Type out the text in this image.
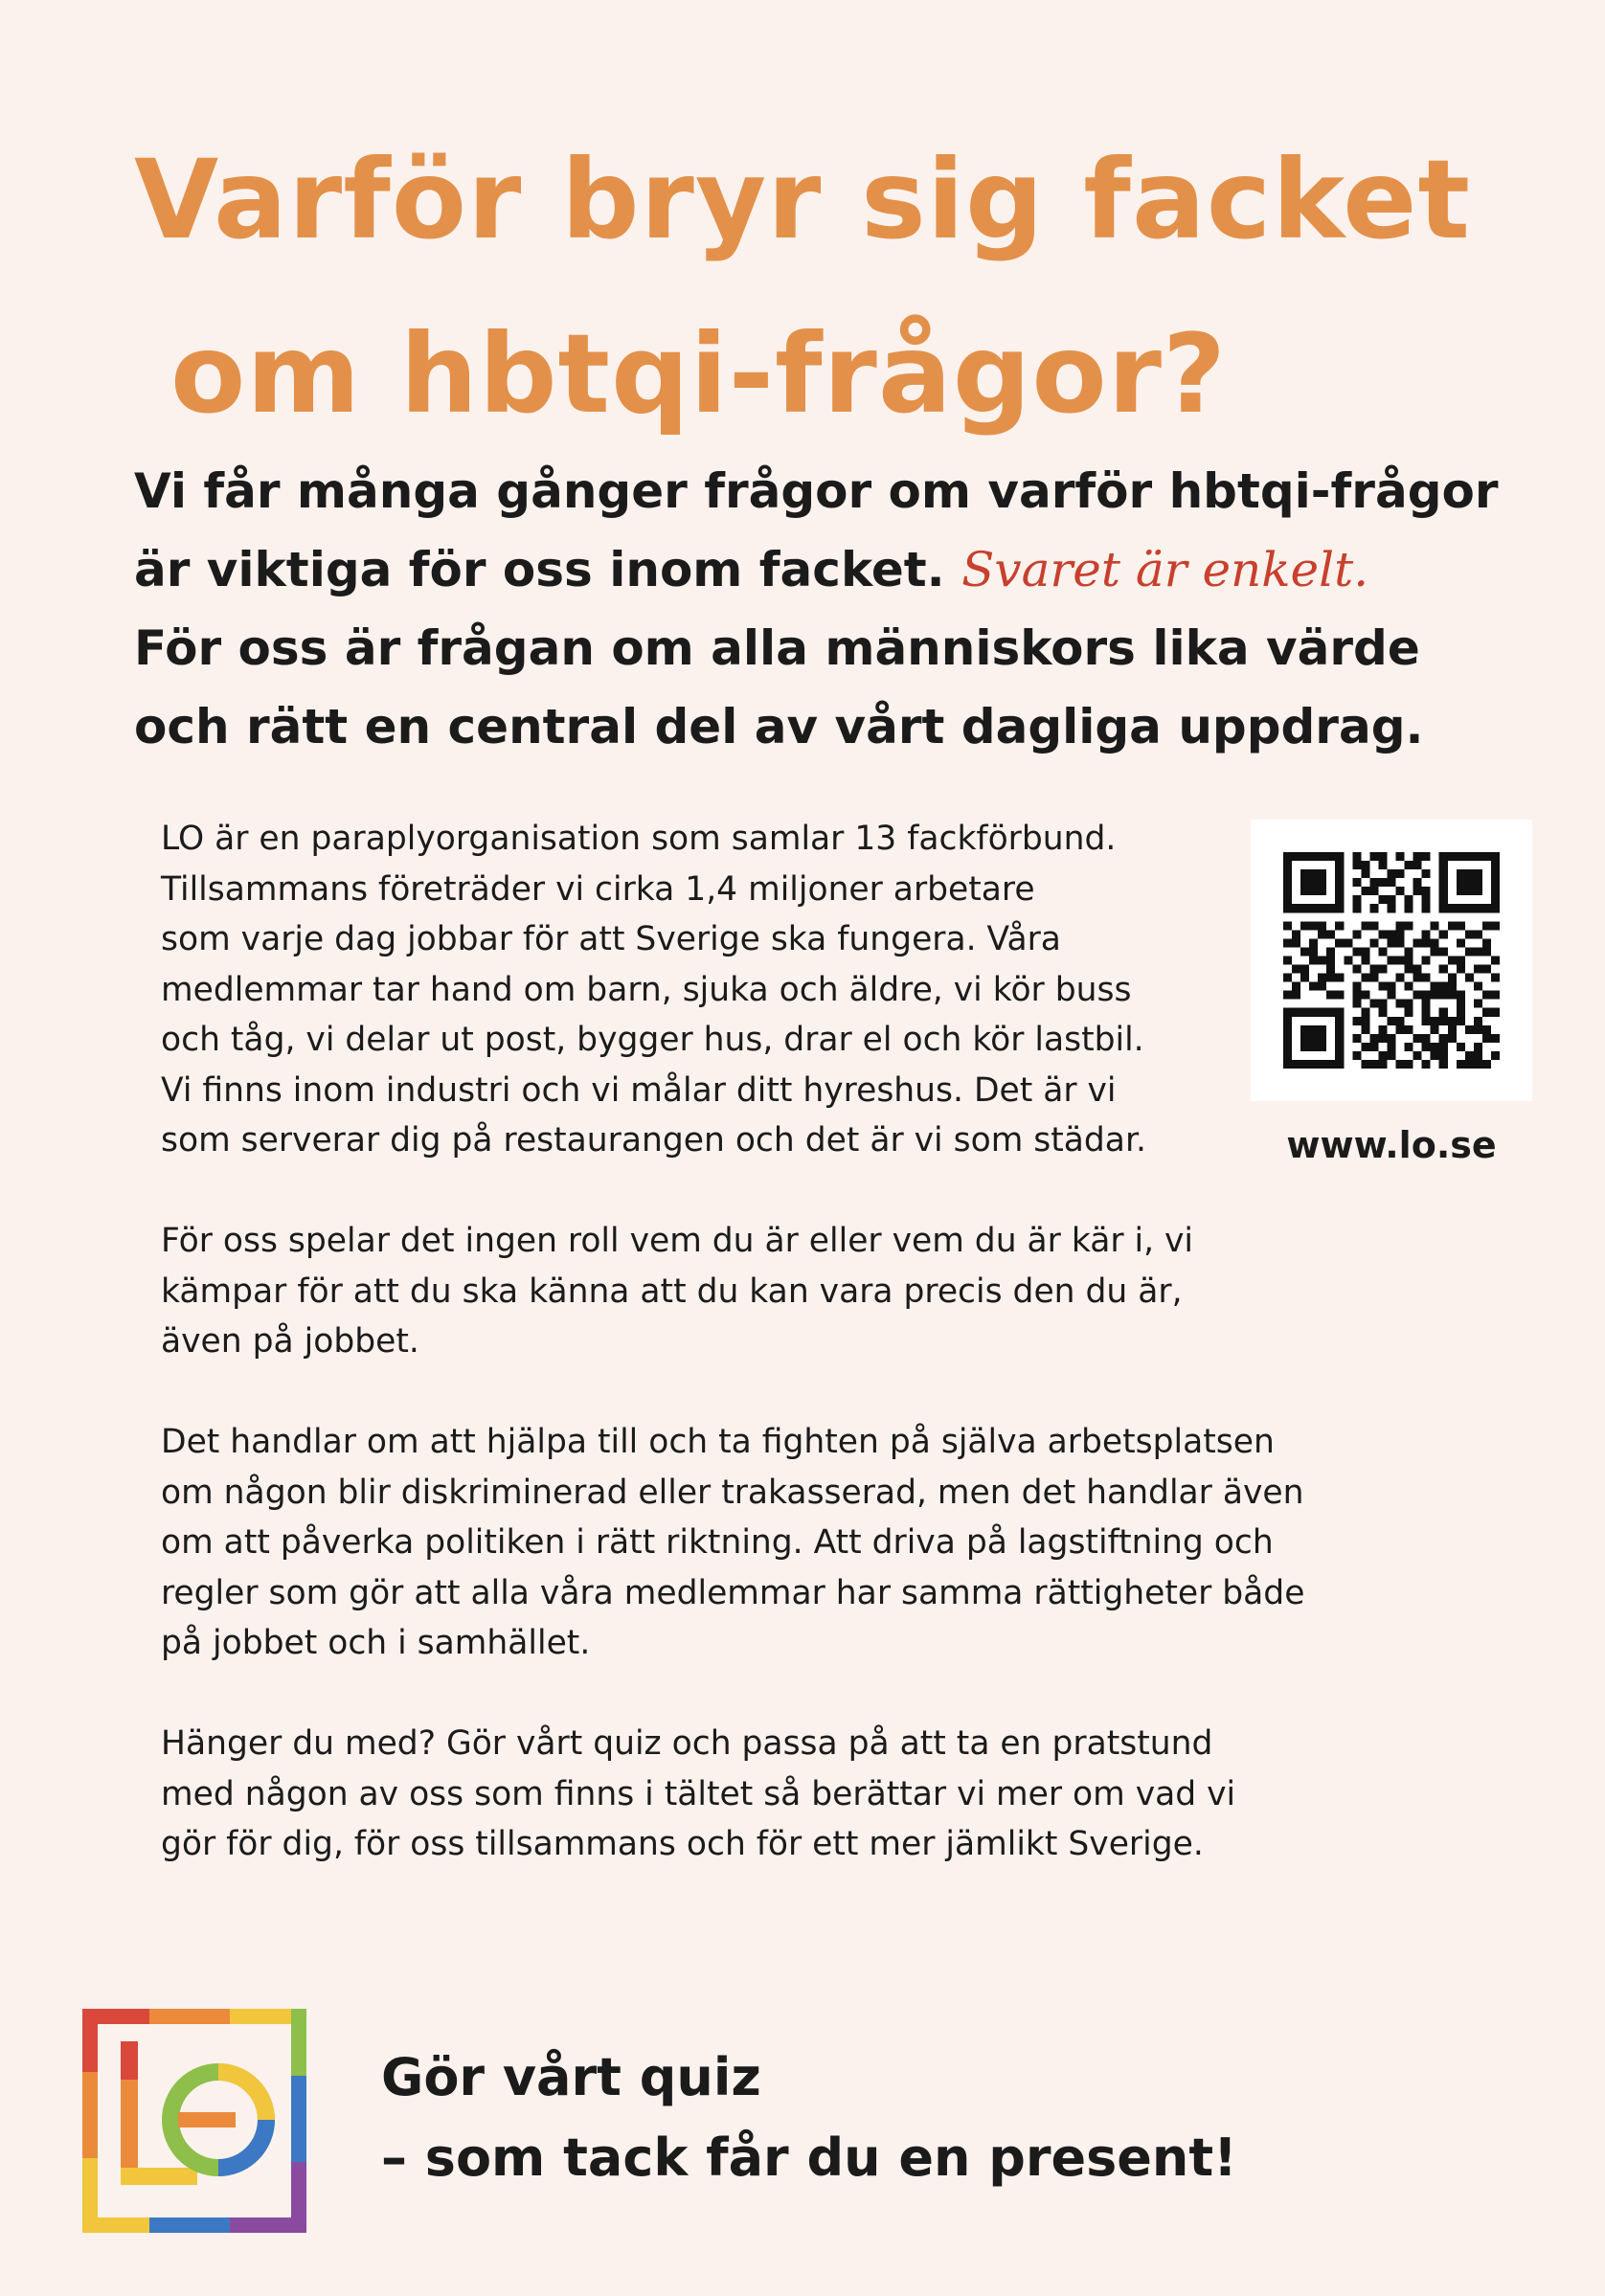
Varför bryr sig facket
om hbtqi-frågor?

Vi får många gånger frågor om varför hbtqi-frågor är viktiga för oss inom facket. Svaret är enkelt.
För oss är frågan om alla människors lika värde och rätt en central del av vårt dagliga uppdrag.

LO är en paraplyorganisation som samlar 13 fackförbund.
Tillsammans företräder vi cirka 1,4 miljoner arbetare
som varje dag jobbar för att Sverige ska fungera. Våra
medlemmar tar hand om barn, sjuka och äldre, vi kör buss
och tåg, vi delar ut post, bygger hus, drar el och kör lastbil.
Vi finns inom industri och vi målar ditt hyreshus. Det är vi
som serverar dig på restaurangen och det är vi som städar.

För oss spelar det ingen roll vem du är eller vem du är kär i, vi
kämpar för att du ska känna att du kan vara precis den du är,
även på jobbet.

Det handlar om att hjälpa till och ta fighten på själva arbetsplatsen
om någon blir diskriminerad eller trakasserad, men det handlar även
om att påverka politiken i rätt riktning. Att driva på lagstiftning och
regler som gör att alla våra medlemmar har samma rättigheter både
på jobbet och i samhället.

Hänger du med? Gör vårt quiz och passa på att ta en pratstund
med någon av oss som finns i tältet så berättar vi mer om vad vi
gör för dig, för oss tillsammans och för ett mer jämlikt Sverige.

www.lo.se
Gör vårt quiz
– som tack får du en present!
